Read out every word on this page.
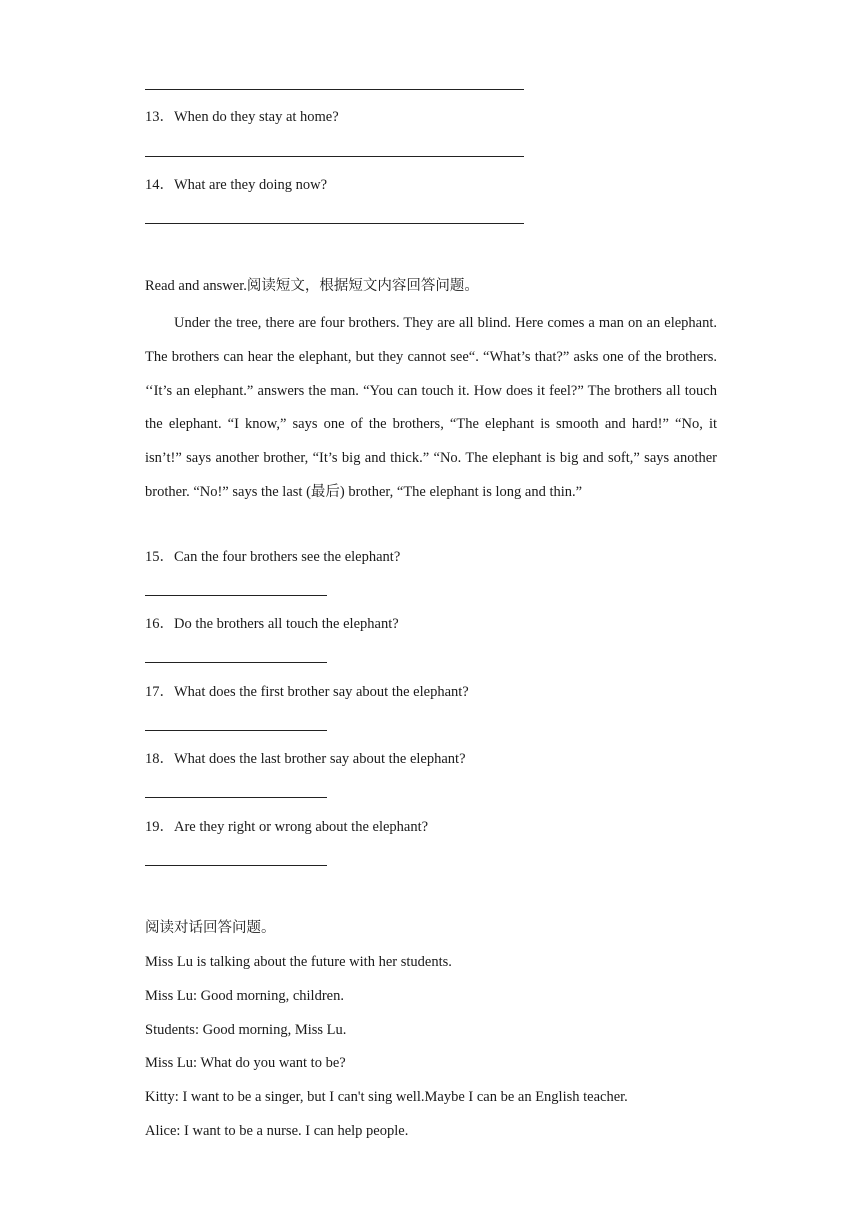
13．When do they stay at home?
14．What are they doing now?
Read and answer.阅读短文，根据短文内容回答问题。
Under the tree, there are four brothers. They are all blind. Here comes a man on an elephant. The brothers can hear the elephant, but they cannot see“. “What’s that?” asks one of the brothers. ‘‘It’s an elephant.” answers the man. “You can touch it. How does it feel?” The brothers all touch the elephant. “I know,” says one of the brothers, “The elephant is smooth and hard!” “No, it isn’t!” says another brother, “It’s big and thick.” “No. The elephant is big and soft,” says another brother. “No!” says the last (最后) brother, “The elephant is long and thin.”
15．Can the four brothers see the elephant?
16．Do the brothers all touch the elephant?
17．What does the first brother say about the elephant?
18．What does the last brother say about the elephant?
19．Are they right or wrong about the elephant?
阅读对话回答问题。
Miss Lu is talking about the future with her students.
Miss Lu: Good morning, children.
Students: Good morning, Miss Lu.
Miss Lu: What do you want to be?
Kitty: I want to be a singer, but I can't sing well.Maybe I can be an English teacher.
Alice: I want to be a nurse. I can help people.
